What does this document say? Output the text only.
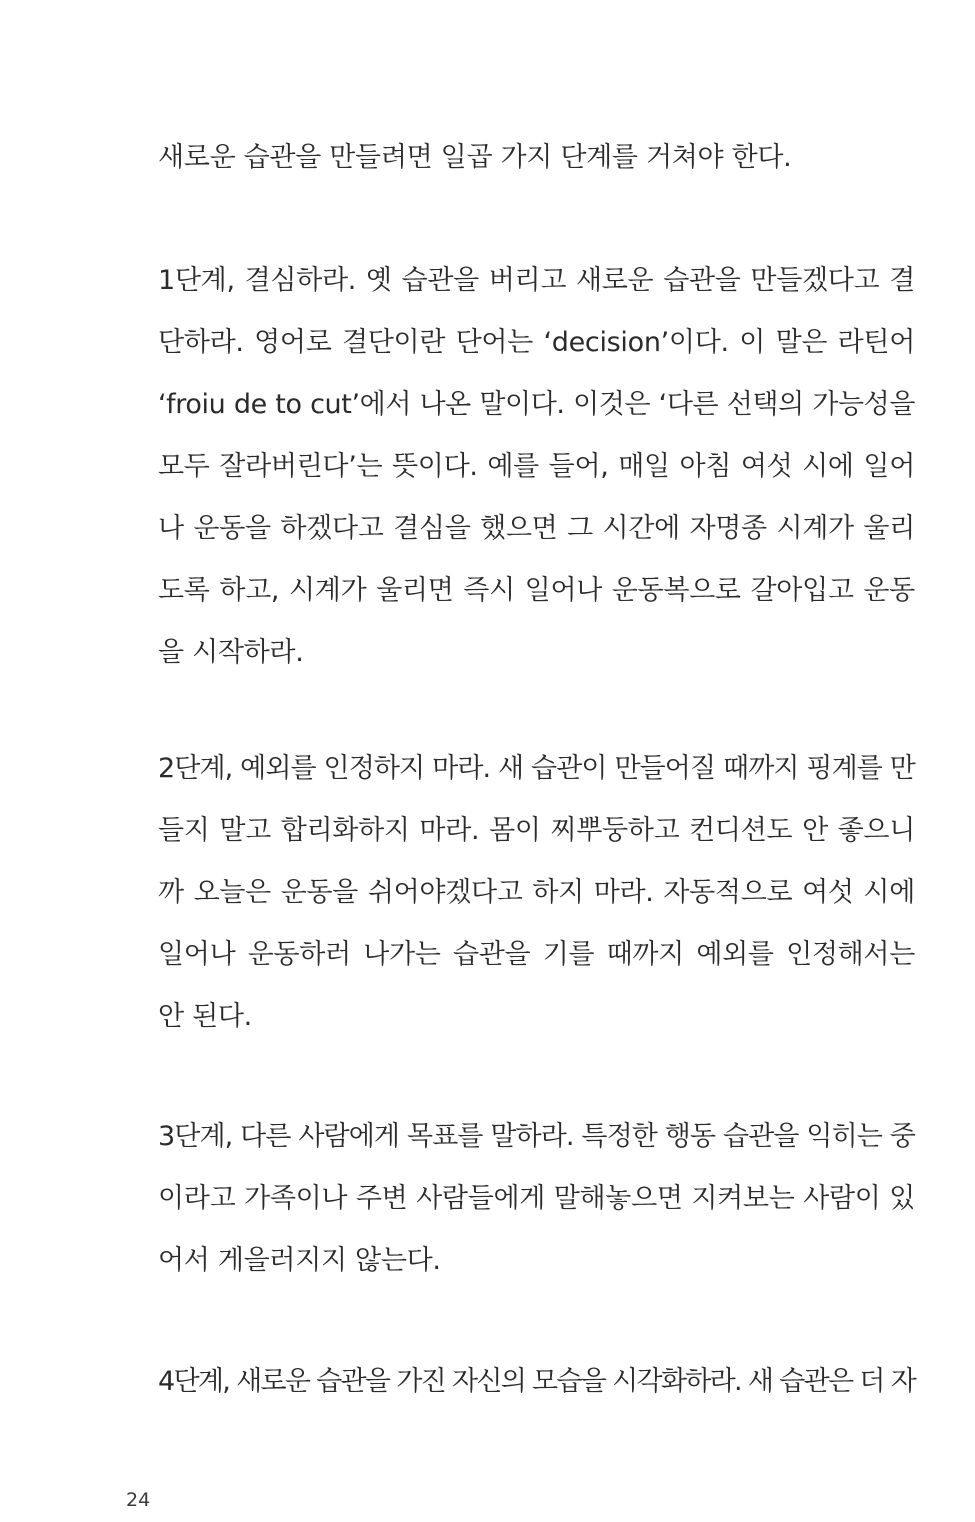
새로운 습관을 만들려면 일곱 가지 단계를 거쳐야 한다.
1단계, 결심하라. 옛 습관을 버리고 새로운 습관을 만들겠다고 결
단하라. 영어로 결단이란 단어는 ‘decision’이다. 이 말은 라틴어
‘froiu de to cut’에서 나온 말이다. 이것은 ‘다른 선택의 가능성을
모두 잘라버린다’는 뜻이다. 예를 들어, 매일 아침 여섯 시에 일어
나 운동을 하겠다고 결심을 했으면 그 시간에 자명종 시계가 울리
도록 하고, 시계가 울리면 즉시 일어나 운동복으로 갈아입고 운동
을 시작하라.
2단계, 예외를 인정하지 마라. 새 습관이 만들어질 때까지 핑계를 만
들지 말고 합리화하지 마라. 몸이 찌뿌둥하고 컨디션도 안 좋으니
까 오늘은 운동을 쉬어야겠다고 하지 마라. 자동적으로 여섯 시에
일어나 운동하러 나가는 습관을 기를 때까지 예외를 인정해서는
안 된다.
3단계, 다른 사람에게 목표를 말하라. 특정한 행동 습관을 익히는 중
이라고 가족이나 주변 사람들에게 말해놓으면 지켜보는 사람이 있
어서 게을러지지 않는다.
4단계, 새로운 습관을 가진 자신의 모습을 시각화하라. 새 습관은 더 자
24
